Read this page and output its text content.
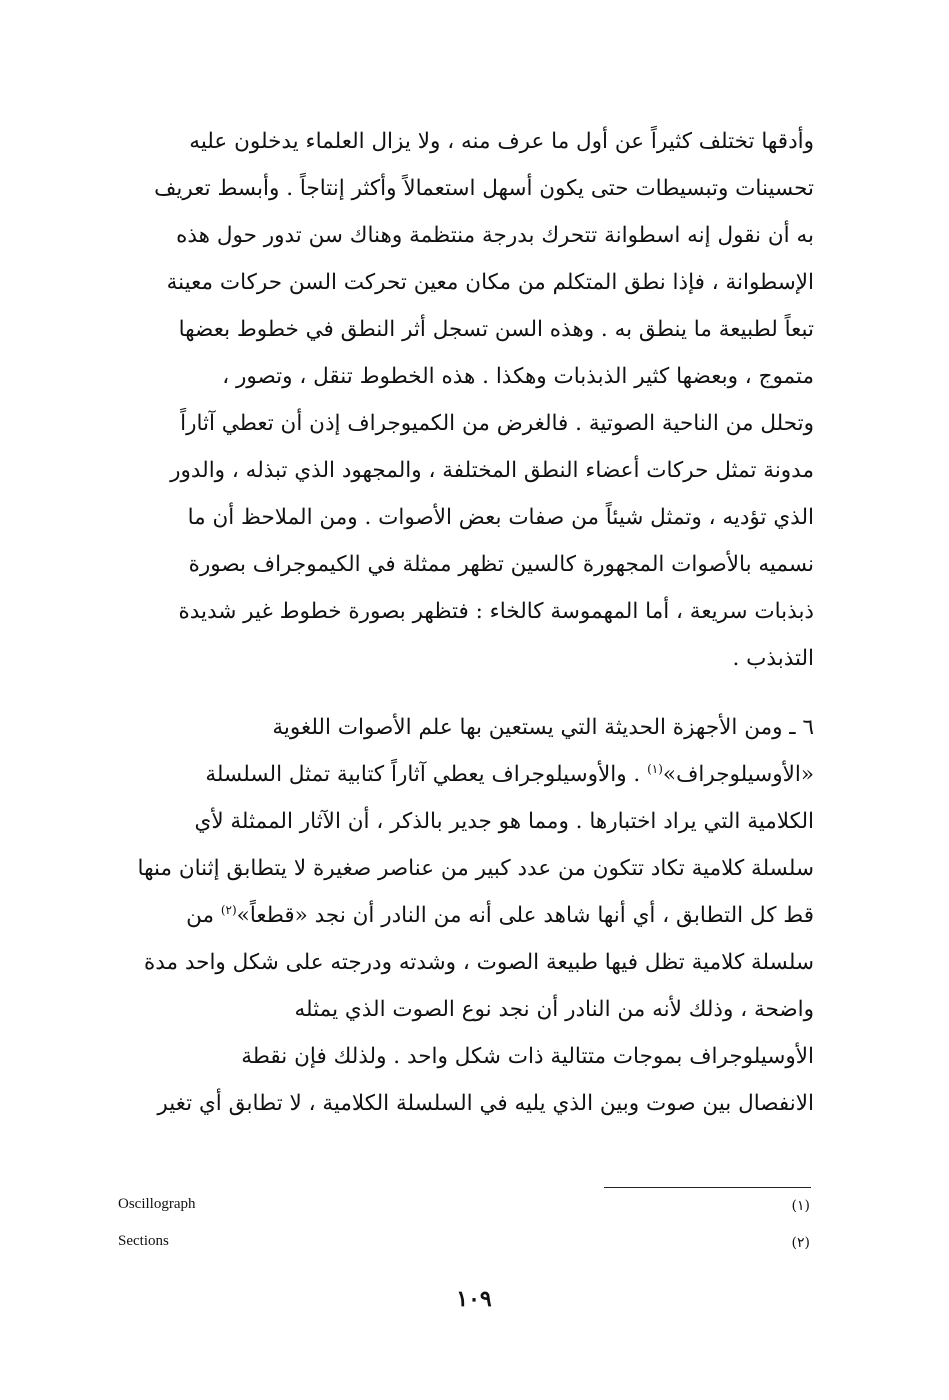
وأدقها تختلف كثيراً عن أول ما عرف منه ، ولا يزال العلماء يدخلون عليه
تحسينات وتبسيطات حتى يكون أسهل استعمالاً وأكثر إنتاجاً . وأبسط تعريف
به أن نقول إنه اسطوانة تتحرك بدرجة منتظمة وهناك سن تدور حول هذه
الإسطوانة ، فإذا نطق المتكلم من مكان معين تحركت السن حركات معينة
تبعاً لطبيعة ما ينطق به . وهذه السن تسجل أثر النطق في خطوط بعضها
متموج ، وبعضها كثير الذبذبات وهكذا . هذه الخطوط تنقل ، وتصور ،
وتحلل من الناحية الصوتية . فالغرض من الكميوجراف إذن أن تعطي آثاراً
مدونة تمثل حركات أعضاء النطق المختلفة ، والمجهود الذي تبذله ، والدور
الذي تؤديه ، وتمثل شيئاً من صفات بعض الأصوات . ومن الملاحظ أن ما
نسميه بالأصوات المجهورة كالسين تظهر ممثلة في الكيموجراف بصورة
ذبذبات سريعة ، أما المهموسة كالخاء : فتظهر بصورة خطوط غير شديدة
التذبذب .
٦ ـ ومن الأجهزة الحديثة التي يستعين بها علم الأصوات اللغوية
«الأوسيلوجراف»$^{(١)}$ . والأوسيلوجراف يعطي آثاراً كتابية تمثل السلسلة
الكلامية التي يراد اختبارها . ومما هو جدير بالذكر ، أن الآثار الممثلة لأي
سلسلة كلامية تكاد تتكون من عدد كبير من عناصر صغيرة لا يتطابق إثنان منها
قط كل التطابق ، أي أنها شاهد على أنه من النادر أن نجد «قطعاً»$^{(٢)}$ من
سلسلة كلامية تظل فيها طبيعة الصوت ، وشدته ودرجته على شكل واحد مدة
واضحة ، وذلك لأنه من النادر أن نجد نوع الصوت الذي يمثله
الأوسيلوجراف بموجات متتالية ذات شكل واحد . ولذلك فإن نقطة
الانفصال بين صوت وبين الذي يليه في السلسلة الكلامية ، لا تطابق أي تغير
Oscillograph	(١)
Sections	(٢)
١٠٩
